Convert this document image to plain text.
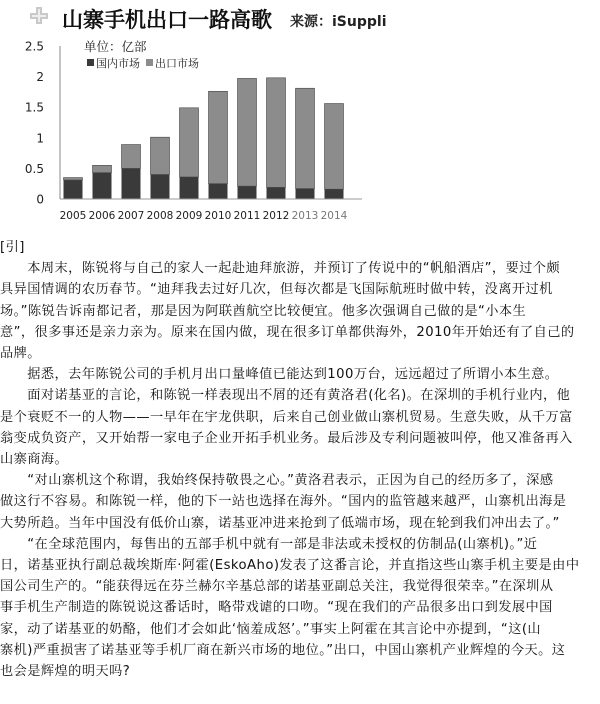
山寨手机出口一路高歌 来源：iSuppli
单位：亿部
国内市场 出口市场
0
0.5
1
1.5
2
2.5
2005 2006 2007 2008 2009 2010 2011 2012 2013 2014
[引]
　　本周末，陈锐将与自己的家人一起赴迪拜旅游，并预订了传说中的“帆船酒店”，要过个颇
具异国情调的农历春节。“迪拜我去过好几次，但每次都是飞国际航班时做中转，没离开过机
场。”陈锐告诉南都记者，那是因为阿联酋航空比较便宜。他多次强调自己做的是“小本生
意”，很多事还是亲力亲为。原来在国内做，现在很多订单都供海外，2010年开始还有了自己的
品牌。
　　据悉，去年陈锐公司的手机月出口量峰值已能达到100万台，远远超过了所谓小本生意。
　　面对诺基亚的言论，和陈锐一样表现出不屑的还有黄洛君(化名)。在深圳的手机行业内，他
是个衰贬不一的人物——一早年在宇龙供职，后来自己创业做山寨机贸易。生意失败，从千万富
翁变成负资产，又开始帮一家电子企业开拓手机业务。最后涉及专利问题被叫停，他又准备再入
山寨商海。
　　“对山寨机这个称谓，我始终保持敬畏之心。”黄洛君表示，正因为自己的经历多了，深感
做这行不容易。和陈锐一样，他的下一站也选择在海外。“国内的监管越来越严，山寨机出海是
大势所趋。当年中国没有低价山寨，诺基亚冲进来抢到了低端市场，现在轮到我们冲出去了。”
　　“在全球范围内，每售出的五部手机中就有一部是非法或未授权的仿制品(山寨机)。”近
日，诺基亚执行副总裁埃斯库·阿霍(EskoAho)发表了这番言论，并直指这些山寨手机主要是由中
国公司生产的。“能获得远在芬兰赫尔辛基总部的诺基亚副总关注，我觉得很荣幸。”在深圳从
事手机生产制造的陈锐说这番话时，略带戏谑的口吻。“现在我们的产品很多出口到发展中国
家，动了诺基亚的奶酪，他们才会如此‘恼羞成怒’。”事实上阿霍在其言论中亦提到，“这(山
寨机)严重损害了诺基亚等手机厂商在新兴市场的地位。”出口，中国山寨机产业辉煌的今天。这
也会是辉煌的明天吗?
